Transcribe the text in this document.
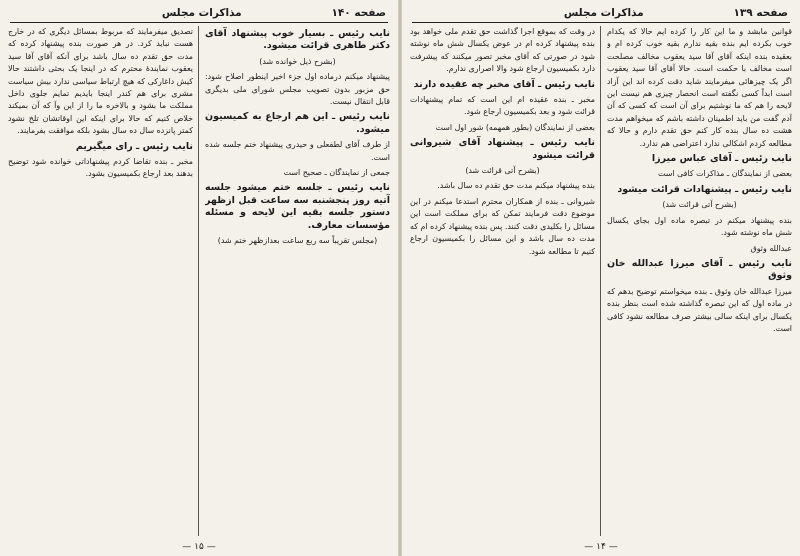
صفحه ۱۴۰
مذاکرات مجلس

نایب رئیس ـ بسیار خوب پیشنهاد آقای دکتر طاهری قرائت میشود.

(بشرح ذیل خوانده شد)

پیشنهاد میکنم درماده اول جزء اخیر اینطور اصلاح شود: حق مزبور بدون تصویب مجلس شورای ملی بدیگری قابل انتقال نیست.

نایب رئیس ـ این هم ارجاع به کمیسیون میشود.

از طرف آقای لطفعلی و حیدری پیشنهاد ختم جلسه شده است.

جمعی از نمایندگان ـ صحیح است

نایب رئیس ـ جلسه ختم میشود جلسه آتیه روز پنجشنبه سه ساعت قبل ازظهر دستور جلسه بقیه این لایحه و مسئله مؤسسات معارف.

(مجلس تقریباً سه ربع ساعت بعدازظهر ختم شد)

تصدیق میفرمایند که مربوط بمسائل دیگری که در خارج هست نباید کرد. در هر صورت بنده پیشنهاد کرده که مدت حق تقدم ده سال باشد برای آنکه آقای آقا سید یعقوب نمایندهٔ محترم که در اینجا یک بحثی داشتند حالا کیش داغارکی که هیچ ارتباط سیاسی ندارد بیش سیاست مشری برای هم کندر اینجا بایدیم تمایم جلوی داخل مملکت ما بشود و بالاخره ما را از این وآ که آن بمیکند خلاص کنیم که حالا برای اینکه این اوقاتشان تلخ نشود کمتر پانزده سال ده سال بشود بلکه موافقت بفرمایند.

نایب رئیس ـ رای میگیریم

مخبر ـ بنده تقاضا کردم پیشنهاداتی خوانده شود توضیح بدهند بعد ارجاع بکمیسیون بشود.

— ۱۵ —
صفحه ۱۳۹
مذاکرات مجلس

قوانین مابشد و ما این کار را کرده ایم حالا که یکدام خوب بکرده ایم بنده بقیه ندارم بقیه خوب کرده ام و بعقیده بنده اینکه آقای آقا سید یعقوب مخالف مصلحت است مخالف با حکمت است. حالا آقای آقا سید یعقوب اگر یک چیزهائی میفرمایند شاید دقت کرده اند این آزاد است ابداً کسی نگفته است انحصار چیزی هم نیست این لایحه را هم که ما نوشتیم برای آن است که کسی که آن آدم گفت من باید اطمینان داشته باشم که میخواهم مدت هشت ده سال بنده کار کنم حق تقدم دارم و حالا که مطالعه کردم اشکالی ندارد اعتراضی هم ندارد.

نایب رئیس ـ آقای عباس میرزا

بعضی از نمایندگان ـ مذاکرات کافی است

نایب رئیس ـ پیشنهادات قرائت میشود

(بشرح آتی قرائت شد)

بنده پیشنهاد میکنم در تبصره ماده اول بجای یکسال شش ماه نوشته شود.

عبدالله وثوق

نایب رئیس ـ آقای میرزا عبدالله خان وثوق

میرزا عبدالله خان وثوق ـ بنده میخواستم توضیح بدهم که در ماده اول که این تبصره گذاشته شده است بنظر بنده یکسال برای اینکه سالی بیشتر صرف مطالعه نشود کافی است.

در وقت که بموقع اجرا گذاشت حق تقدم ملی خواهد بود بنده پیشنهاد کرده ام در عوض یکسال شش ماه نوشته شود در صورتی که آقای مخبر تصور میکنند که پیشرفت دارد بکمیسیون ارجاع شود والا اصراری ندارم.

نایب رئیس ـ آقای مخبر چه عقیده دارند

مخبر ـ بنده عقیده ام این است که تمام پیشنهادات قرائت شود و بعد بکمیسیون ارجاع شود.

بعضی از نمایندگان (بطور همهمه) شور اول است

نایب رئیس ـ پیشنهاد آقای شیروانی قرائت میشود

(بشرح آتی قرائت شد)

بنده پیشنهاد میکنم مدت حق تقدم ده سال باشد.

شیروانی ـ بنده از همکاران محترم استدعا میکنم در این موضوع دقت فرمایند تمکن که برای مملکت است این مسائل را بکلیدی دقت کنند. پس بنده پیشنهاد کرده ام که مدت ده سال باشد و این مسائل را بکمیسیون ارجاع کنیم تا مطالعه شود.

— ۱۴ —
